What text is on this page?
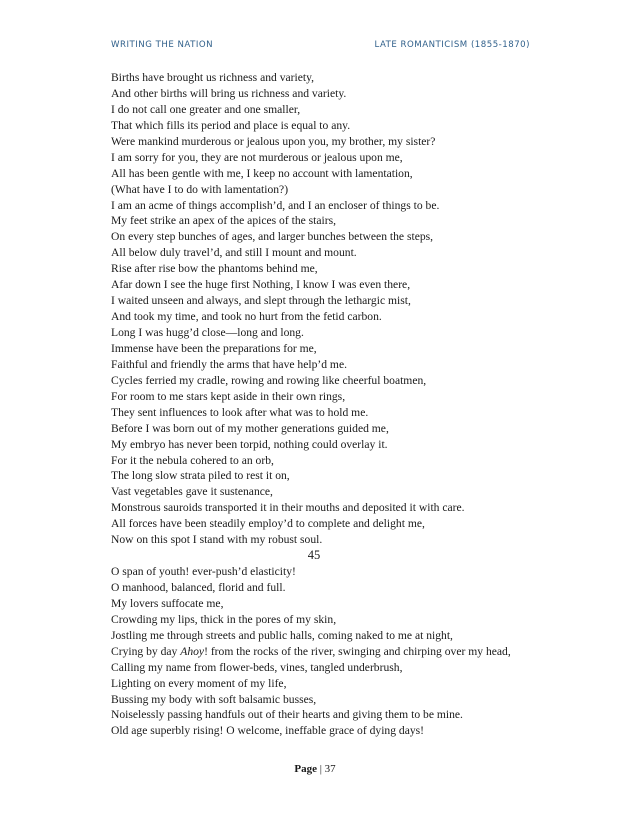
WRITING THE NATION	LATE ROMANTICISM (1855-1870)
Births have brought us richness and variety,
And other births will bring us richness and variety.
I do not call one greater and one smaller,
That which fills its period and place is equal to any.
Were mankind murderous or jealous upon you, my brother, my sister?
I am sorry for you, they are not murderous or jealous upon me,
All has been gentle with me, I keep no account with lamentation,
(What have I to do with lamentation?)
I am an acme of things accomplish’d, and I an encloser of things to be.
My feet strike an apex of the apices of the stairs,
On every step bunches of ages, and larger bunches between the steps,
All below duly travel’d, and still I mount and mount.
Rise after rise bow the phantoms behind me,
Afar down I see the huge first Nothing, I know I was even there,
I waited unseen and always, and slept through the lethargic mist,
And took my time, and took no hurt from the fetid carbon.
Long I was hugg’d close—long and long.
Immense have been the preparations for me,
Faithful and friendly the arms that have help’d me.
Cycles ferried my cradle, rowing and rowing like cheerful boatmen,
For room to me stars kept aside in their own rings,
They sent influences to look after what was to hold me.
Before I was born out of my mother generations guided me,
My embryo has never been torpid, nothing could overlay it.
For it the nebula cohered to an orb,
The long slow strata piled to rest it on,
Vast vegetables gave it sustenance,
Monstrous sauroids transported it in their mouths and deposited it with care.
All forces have been steadily employ’d to complete and delight me,
Now on this spot I stand with my robust soul.
45
O span of youth! ever-push’d elasticity!
O manhood, balanced, florid and full.
My lovers suffocate me,
Crowding my lips, thick in the pores of my skin,
Jostling me through streets and public halls, coming naked to me at night,
Crying by day Ahoy! from the rocks of the river, swinging and chirping over my head,
Calling my name from flower-beds, vines, tangled underbrush,
Lighting on every moment of my life,
Bussing my body with soft balsamic busses,
Noiselessly passing handfuls out of their hearts and giving them to be mine.
Old age superbly rising! O welcome, ineffable grace of dying days!
Page | 37
